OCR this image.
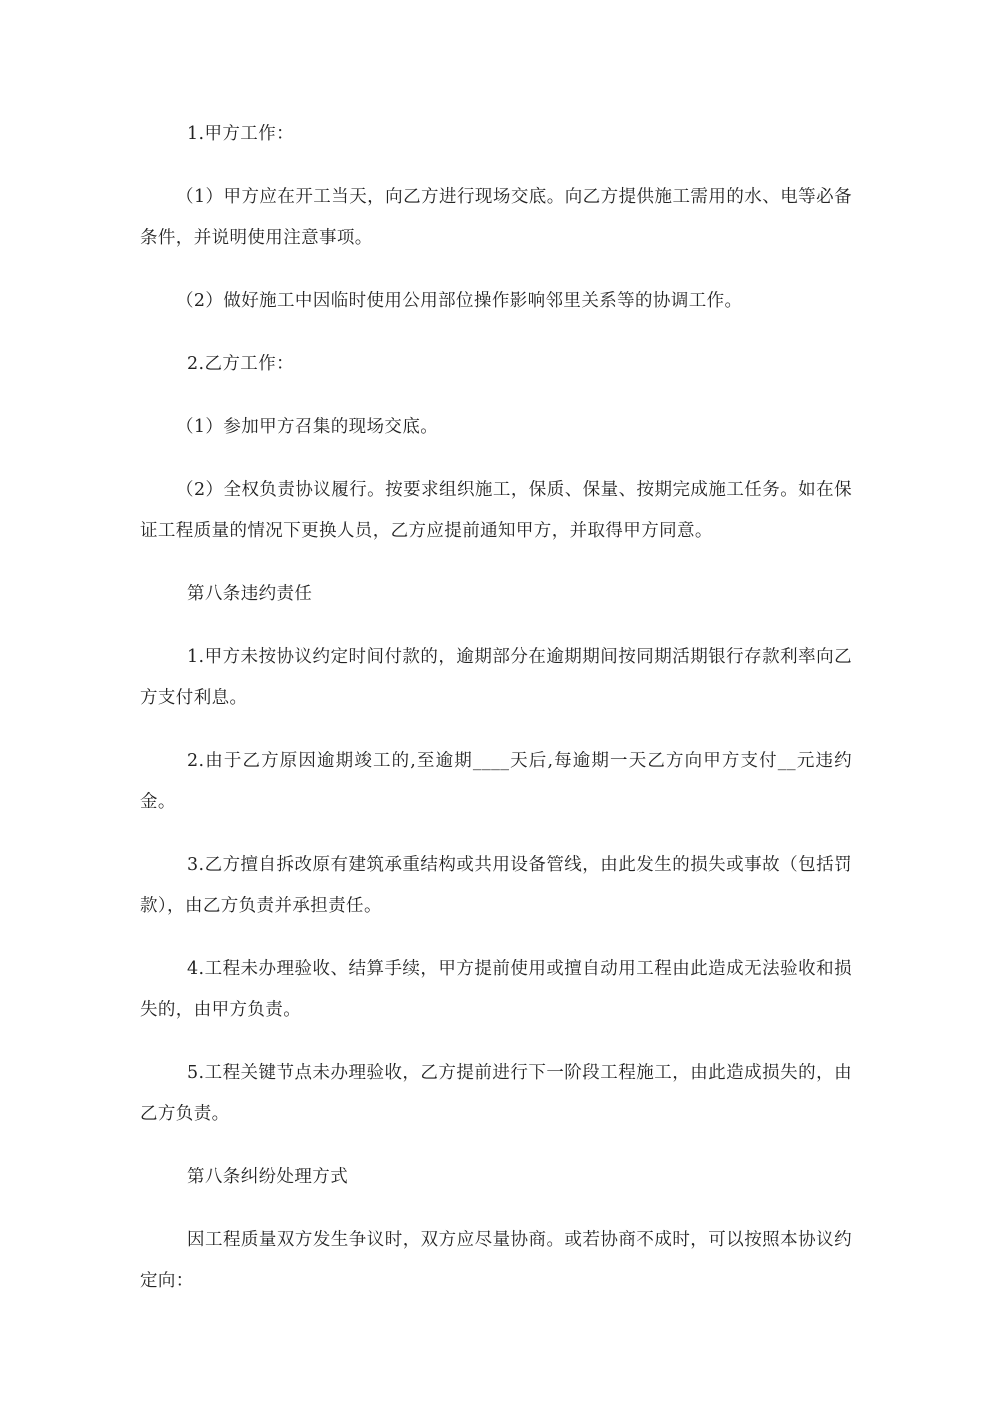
1.甲方工作：

（1）甲方应在开工当天，向乙方进行现场交底。向乙方提供施工需用的水、电等必备条件，并说明使用注意事项。

（2）做好施工中因临时使用公用部位操作影响邻里关系等的协调工作。

2.乙方工作：

（1）参加甲方召集的现场交底。

（2）全权负责协议履行。按要求组织施工，保质、保量、按期完成施工任务。如在保证工程质量的情况下更换人员，乙方应提前通知甲方，并取得甲方同意。

第八条违约责任

1.甲方未按协议约定时间付款的，逾期部分在逾期期间按同期活期银行存款利率向乙方支付利息。

2.由于乙方原因逾期竣工的,至逾期____天后,每逾期一天乙方向甲方支付__元违约金。

3.乙方擅自拆改原有建筑承重结构或共用设备管线，由此发生的损失或事故（包括罚款），由乙方负责并承担责任。

4.工程未办理验收、结算手续，甲方提前使用或擅自动用工程由此造成无法验收和损失的，由甲方负责。

5.工程关键节点未办理验收，乙方提前进行下一阶段工程施工，由此造成损失的，由乙方负责。

第八条纠纷处理方式

因工程质量双方发生争议时，双方应尽量协商。或若协商不成时，可以按照本协议约定向：
